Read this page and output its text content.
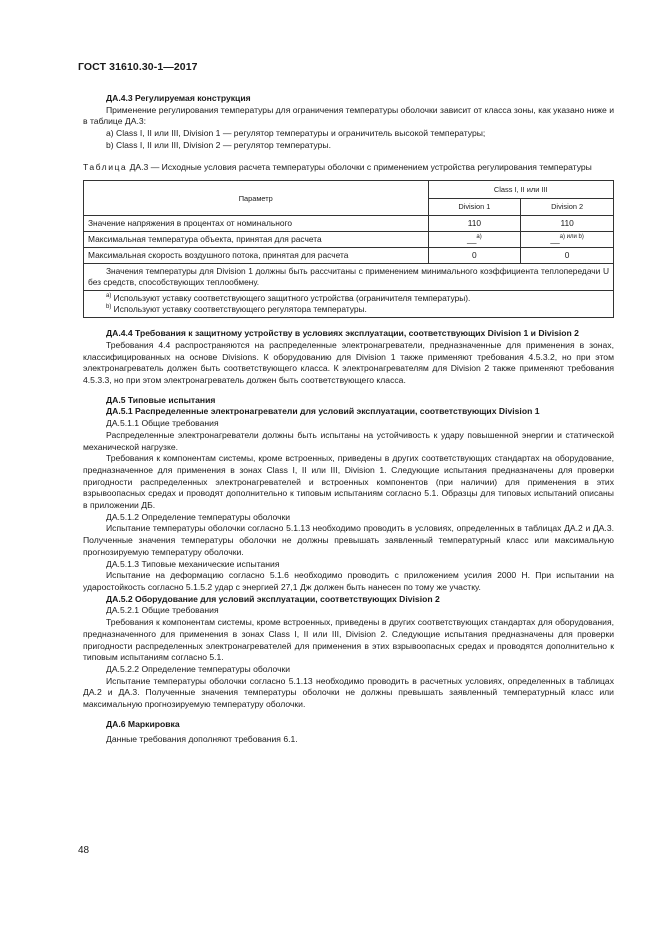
ГОСТ 31610.30-1—2017

ДА.4.3 Регулируемая конструкция

Применение регулирования температуры для ограничения температуры оболочки зависит от класса зоны, как указано ниже и в таблице ДА.3:

a) Class I, II или III, Division 1 — регулятор температуры и ограничитель высокой температуры;

b) Class I, II или III, Division 2 — регулятор температуры.

Таблица ДА.3 — Исходные условия расчета температуры оболочки с применением устройства регулирования температуры

Параметр	Class I, II или III	
	Division 1	Division 2
Значение напряжения в процентах от номинального	110	110
Максимальная температура объекта, принятая для расчета	__$^{a)}$	__$^{a) или b)}$
Максимальная скорость воздушного потока, принятая для расчета	0	0

Значения температуры для Division 1 должны быть рассчитаны с применением минимального коэффициента теплопередачи U без средств, способствующих теплообмену.		

$^{a)}$ Используют уставку соответствующего защитного устройства (ограничителя температуры).

$^{b)}$ Используют уставку соответствующего регулятора температуры.		

ДА.4.4 Требования к защитному устройству в условиях эксплуатации, соответствующих Division 1 и Division 2

Требования 4.4 распространяются на распределенные электронагреватели, предназначенные для применения в зонах, классифицированных на основе Divisions. К оборудованию для Division 1 также применяют требования 4.5.3.2, но при этом электронагреватель должен быть соответствующего класса. К электронагревателям для Division 2 также применяют требования 4.5.3.3, но при этом электронагреватель должен быть соответствующего класса.

ДА.5 Типовые испытания

ДА.5.1 Распределенные электронагреватели для условий эксплуатации, соответствующих Division 1

ДА.5.1.1 Общие требования

Распределенные электронагреватели должны быть испытаны на устойчивость к удару повышенной энергии и статической механической нагрузке.

Требования к компонентам системы, кроме встроенных, приведены в других соответствующих стандартах на оборудование, предназначенное для применения в зонах Class I, II или III, Division 1. Следующие испытания предназначены для проверки пригодности распределенных электронагревателей и встроенных компонентов (при наличии) для применения в этих взрывоопасных средах и проводят дополнительно к типовым испытаниям согласно 5.1. Образцы для типовых испытаний описаны в приложении ДБ.

ДА.5.1.2 Определение температуры оболочки

Испытание температуры оболочки согласно 5.1.13 необходимо проводить в условиях, определенных в таблицах ДА.2 и ДА.3. Полученные значения температуры оболочки не должны превышать заявленный температурный класс или максимальную прогнозируемую температуру оболочки.

ДА.5.1.3 Типовые механические испытания

Испытание на деформацию согласно 5.1.6 необходимо проводить с приложением усилия 2000 Н. При испытании на ударостойкость согласно 5.1.5.2 удар с энергией 27,1 Дж должен быть нанесен по тому же участку.

ДА.5.2 Оборудование для условий эксплуатации, соответствующих Division 2

ДА.5.2.1 Общие требования

Требования к компонентам системы, кроме встроенных, приведены в других соответствующих стандартах для оборудования, предназначенного для применения в зонах Class I, II или III, Division 2. Следующие испытания предназначены для проверки пригодности распределенных электронагревателей для применения в этих взрывоопасных средах и проводятся дополнительно к типовым испытаниям согласно 5.1.

ДА.5.2.2 Определение температуры оболочки

Испытание температуры оболочки согласно 5.1.13 необходимо проводить в расчетных условиях, определенных в таблицах ДА.2 и ДА.3. Полученные значения температуры оболочки не должны превышать заявленный температурный класс или максимальную прогнозируемую температуру оболочки.

ДА.6 Маркировка

Данные требования дополняют требования 6.1.

48
